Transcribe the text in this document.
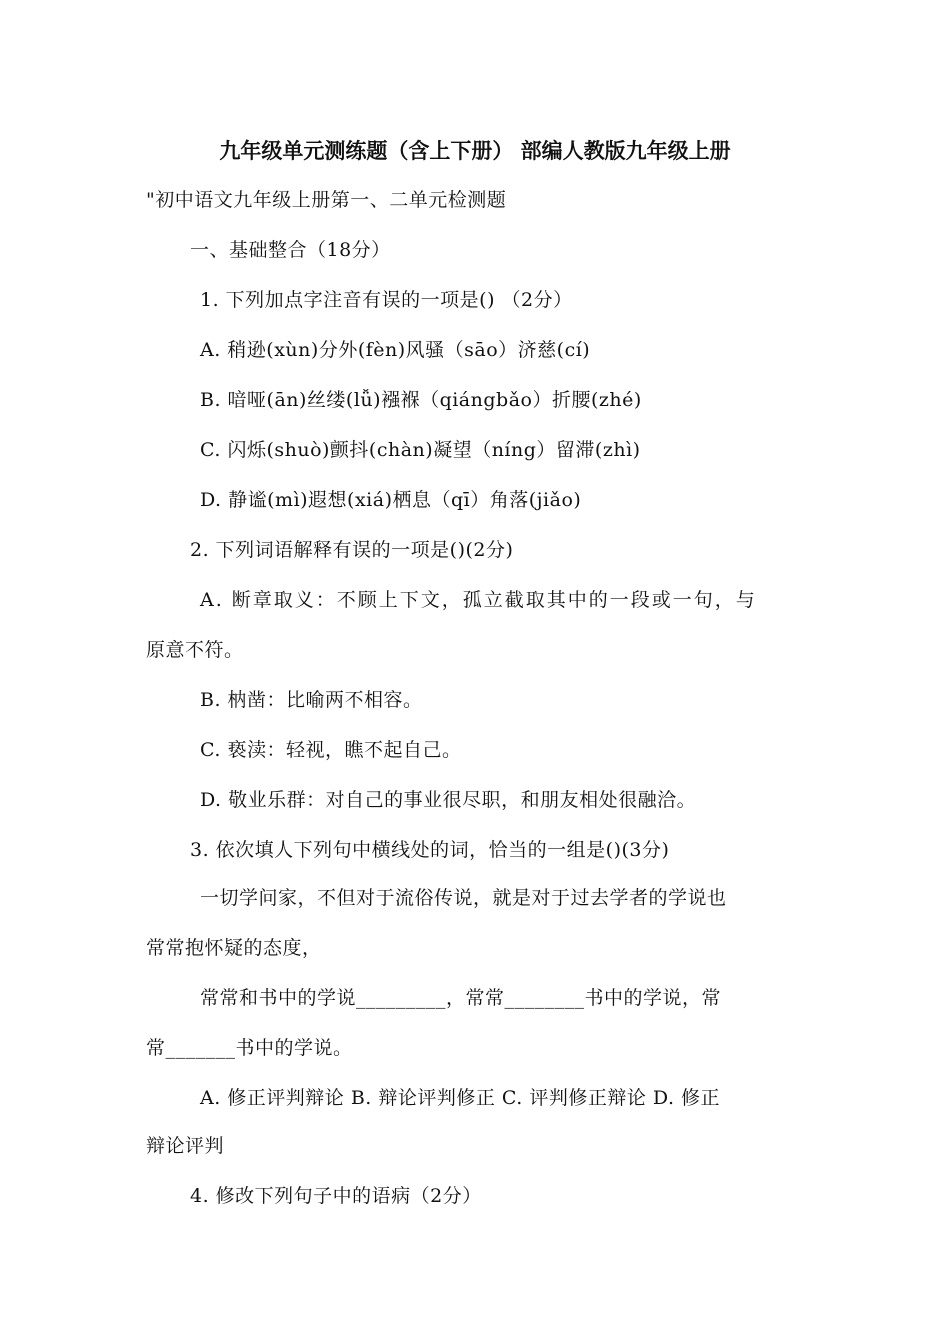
九年级单元测练题（含上下册） 部编人教版九年级上册
"初中语文九年级上册第一、二单元检测题
一、基础整合（18分）
1. 下列加点字注音有误的一项是() （2分）
A. 稍逊(xùn)分外(fèn)风骚（sāo）济慈(cí)
B. 喑哑(ān)丝缕(lǚ)襁褓（qiángbǎo）折腰(zhé)
C. 闪烁(shuò)颤抖(chàn)凝望（níng）留滞(zhì)
D. 静谧(mì)遐想(xiá)栖息（qī）角落(jiǎo)
2. 下列词语解释有误的一项是()(2分)
A. 断章取义：不顾上下文，孤立截取其中的一段或一句，与
原意不符。
B. 枘凿：比喻两不相容。
C. 亵渎：轻视，瞧不起自己。
D. 敬业乐群：对自己的事业很尽职，和朋友相处很融洽。
3. 依次填人下列句中横线处的词，恰当的一组是()(3分)
一切学问家，不但对于流俗传说，就是对于过去学者的学说也
常常抱怀疑的态度，
常常和书中的学说_________，常常________书中的学说，常
常_______书中的学说。
A. 修正评判辩论 B. 辩论评判修正 C. 评判修正辩论 D. 修正
辩论评判
4. 修改下列句子中的语病（2分）
